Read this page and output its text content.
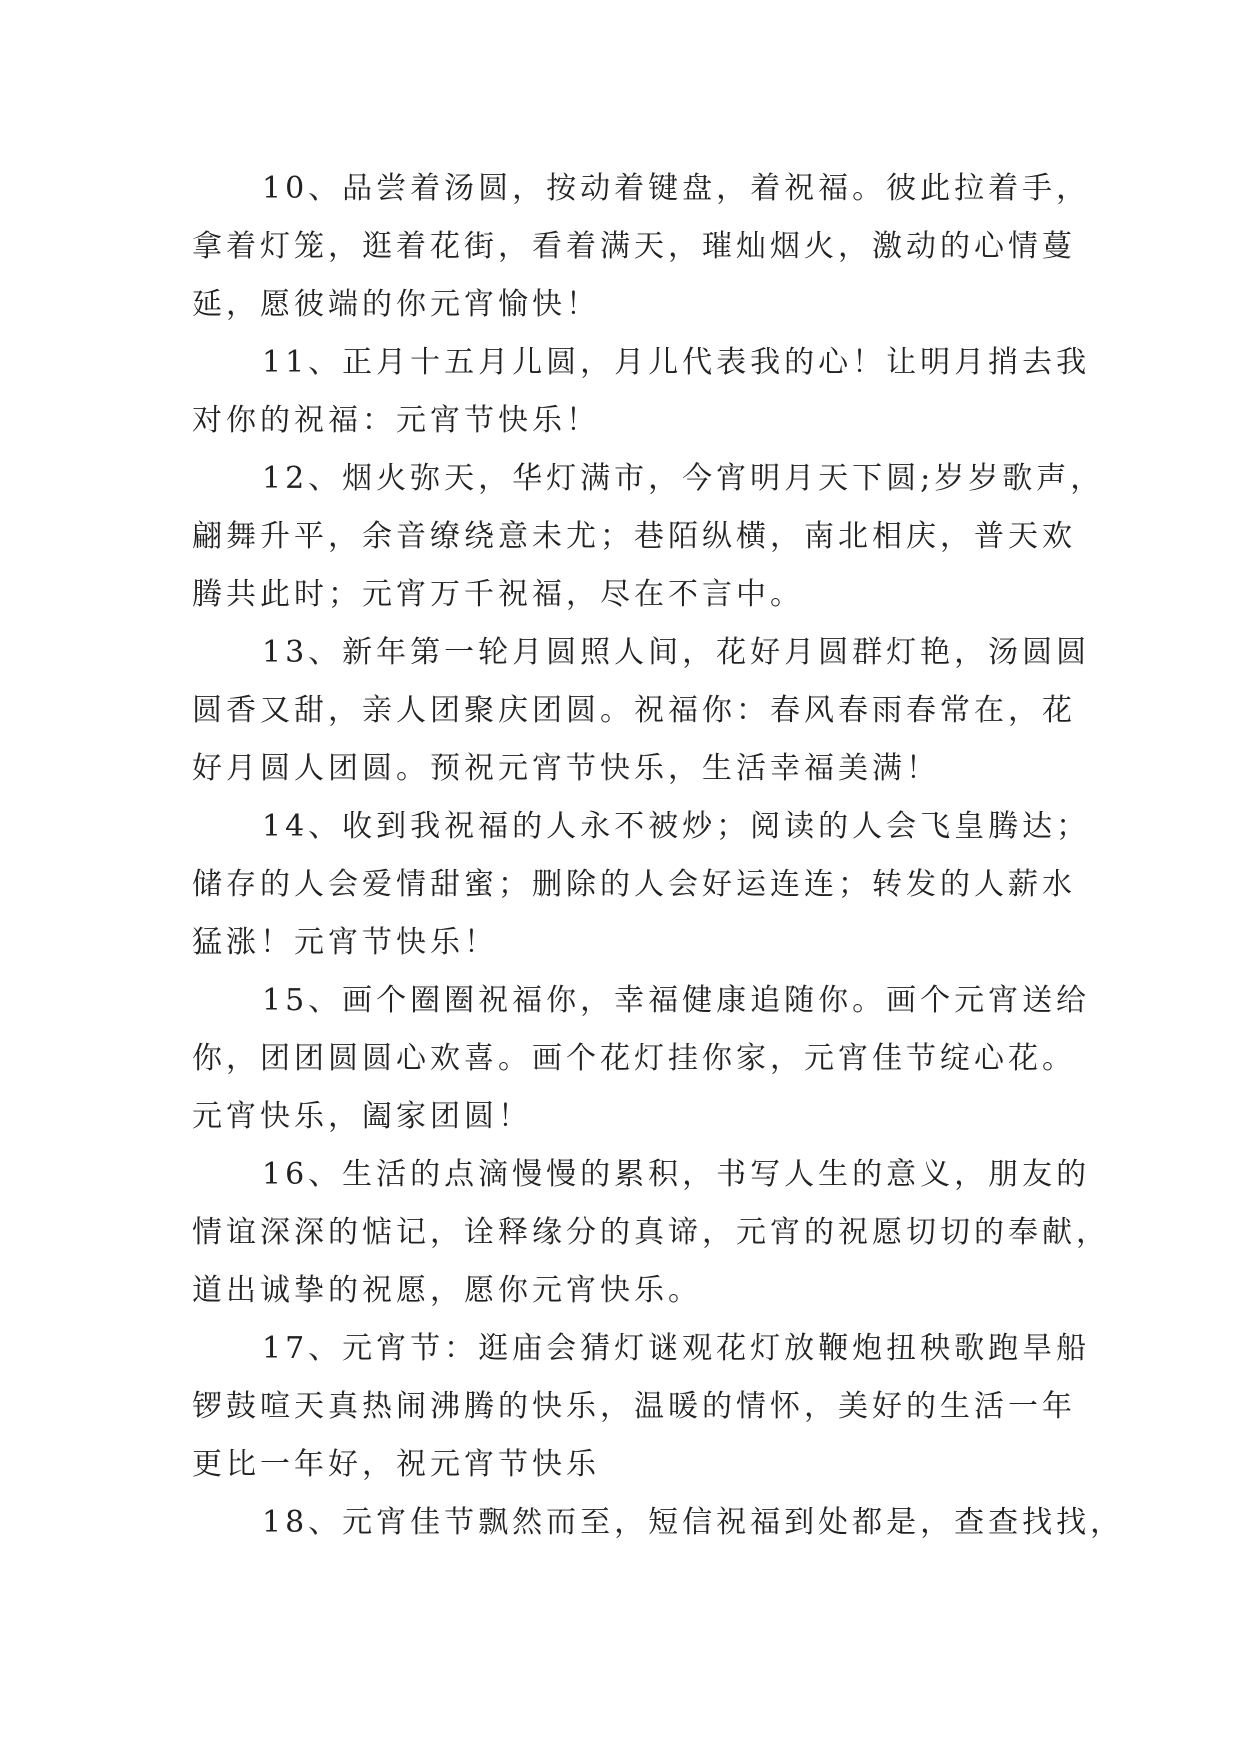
10、品尝着汤圆，按动着键盘，着祝福。彼此拉着手，
拿着灯笼，逛着花街，看着满天，璀灿烟火，激动的心情蔓
延，愿彼端的你元宵愉快！
11、正月十五月儿圆，月儿代表我的心！让明月捎去我
对你的祝福：元宵节快乐！
12、烟火弥天，华灯满市，今宵明月天下圆;岁岁歌声，
翩舞升平，余音缭绕意未尤；巷陌纵横，南北相庆，普天欢
腾共此时；元宵万千祝福，尽在不言中。
13、新年第一轮月圆照人间，花好月圆群灯艳，汤圆圆
圆香又甜，亲人团聚庆团圆。祝福你：春风春雨春常在，花
好月圆人团圆。预祝元宵节快乐，生活幸福美满！
14、收到我祝福的人永不被炒；阅读的人会飞皇腾达；
储存的人会爱情甜蜜；删除的人会好运连连；转发的人薪水
猛涨！元宵节快乐！
15、画个圈圈祝福你，幸福健康追随你。画个元宵送给
你，团团圆圆心欢喜。画个花灯挂你家，元宵佳节绽心花。
元宵快乐，阖家团圆！
16、生活的点滴慢慢的累积，书写人生的意义，朋友的
情谊深深的惦记，诠释缘分的真谛，元宵的祝愿切切的奉献，
道出诚挚的祝愿，愿你元宵快乐。
17、元宵节：逛庙会猜灯谜观花灯放鞭炮扭秧歌跑旱船
锣鼓喧天真热闹沸腾的快乐，温暖的情怀，美好的生活一年
更比一年好，祝元宵节快乐
18、元宵佳节飘然而至，短信祝福到处都是，查查找找，
